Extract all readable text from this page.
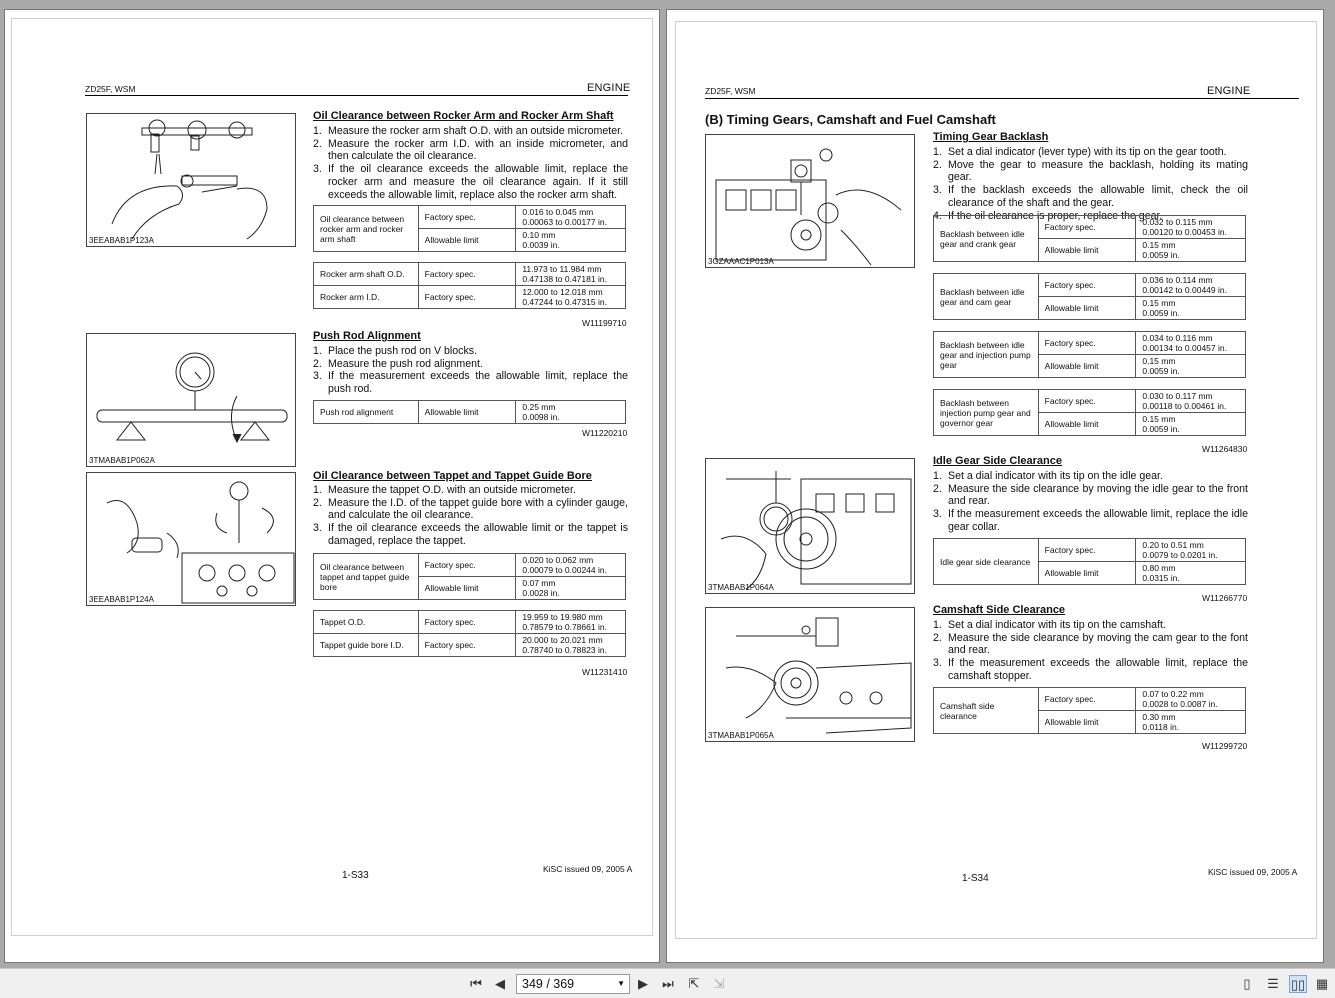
ZD25F, WSM	ENGINE
3EEABAB1P123A
Oil Clearance between Rocker Arm and Rocker Arm Shaft
1. Measure the rocker arm shaft O.D. with an outside micrometer.
2. Measure the rocker arm I.D. with an inside micrometer, and then calculate the oil clearance.
3. If the oil clearance exceeds the allowable limit, replace the rocker arm and measure the oil clearance again. If it still exceeds the allowable limit, replace also the rocker arm shaft.
Oil clearance between rocker arm and rocker arm shaft	Factory spec.	0.016 to 0.045 mm
0.00063 to 0.00177 in.

	Allowable limit	0.10 mm
0.0039 in.
Rocker arm shaft O.D.	Factory spec.	11.973 to 11.984 mm
0.47138 to 0.47181 in.

Rocker arm I.D.	Factory spec.	12.000 to 12.018 mm
0.47244 to 0.47315 in.
W11199710
3TMABAB1P062A
Push Rod Alignment
1. Place the push rod on V blocks.
2. Measure the push rod alignment.
3. If the measurement exceeds the allowable limit, replace the push rod.
Push rod alignment	Allowable limit	0.25 mm
0.0098 in.
W11220210
3EEABAB1P124A
Oil Clearance between Tappet and Tappet Guide Bore
1. Measure the tappet O.D. with an outside micrometer.
2. Measure the I.D. of the tappet guide bore with a cylinder gauge, and calculate the oil clearance.
3. If the oil clearance exceeds the allowable limit or the tappet is damaged, replace the tappet.
Oil clearance between tappet and tappet guide bore	Factory spec.	0.020 to 0.062 mm
0.00079 to 0.00244 in.

	Allowable limit	0.07 mm
0.0028 in.
Tappet O.D.	Factory spec.	19.959 to 19.980 mm
0.78579 to 0.78661 in.

Tappet guide bore I.D.	Factory spec.	20.000 to 20.021 mm
0.78740 to 0.78823 in.
W11231410
1-S33
KiSC issued 09, 2005 A
ZD25F, WSM	ENGINE
(B) Timing Gears, Camshaft and Fuel Camshaft
3GZAAAC1P013A
Timing Gear Backlash
1. Set a dial indicator (lever type) with its tip on the gear tooth.
2. Move the gear to measure the backlash, holding its mating gear.
3. If the backlash exceeds the allowable limit, check the oil clearance of the shaft and the gear.
4. If the oil clearance is proper, replace the gear.
Backlash between idle gear and crank gear	Factory spec.	0.032 to 0.115 mm
0.00120 to 0.00453 in.

	Allowable limit	0.15 mm
0.0059 in.
Backlash between idle gear and cam gear	Factory spec.	0.036 to 0.114 mm
0.00142 to 0.00449 in.

	Allowable limit	0.15 mm
0.0059 in.
Backlash between idle gear and injection pump gear	Factory spec.	0.034 to 0.116 mm
0.00134 to 0.00457 in.

	Allowable limit	0.15 mm
0.0059 in.
Backlash between injection pump gear and governor gear	Factory spec.	0.030 to 0.117 mm
0.00118 to 0.00461 in.

	Allowable limit	0.15 mm
0.0059 in.
W11264830
3TMABAB1P064A
Idle Gear Side Clearance
1. Set a dial indicator with its tip on the idle gear.
2. Measure the side clearance by moving the idle gear to the front and rear.
3. If the measurement exceeds the allowable limit, replace the idle gear collar.
Idle gear side clearance	Factory spec.	0.20 to 0.51 mm
0.0079 to 0.0201 in.

	Allowable limit	0.80 mm
0.0315 in.
W11266770
3TMABAB1P065A
Camshaft Side Clearance
1. Set a dial indicator with its tip on the camshaft.
2. Measure the side clearance by moving the cam gear to the font and rear.
3. If the measurement exceeds the allowable limit, replace the camshaft stopper.
Camshaft side clearance	Factory spec.	0.07 to 0.22 mm
0.0028 to 0.0087 in.

	Allowable limit	0.30 mm
0.0118 in.
W11299720
1-S34
KiSC issued 09, 2005 A
⏮	◀	349 / 369	▼	▶	⏭ ⇱ ⇲	▯	☰ ▯▯ ▦
